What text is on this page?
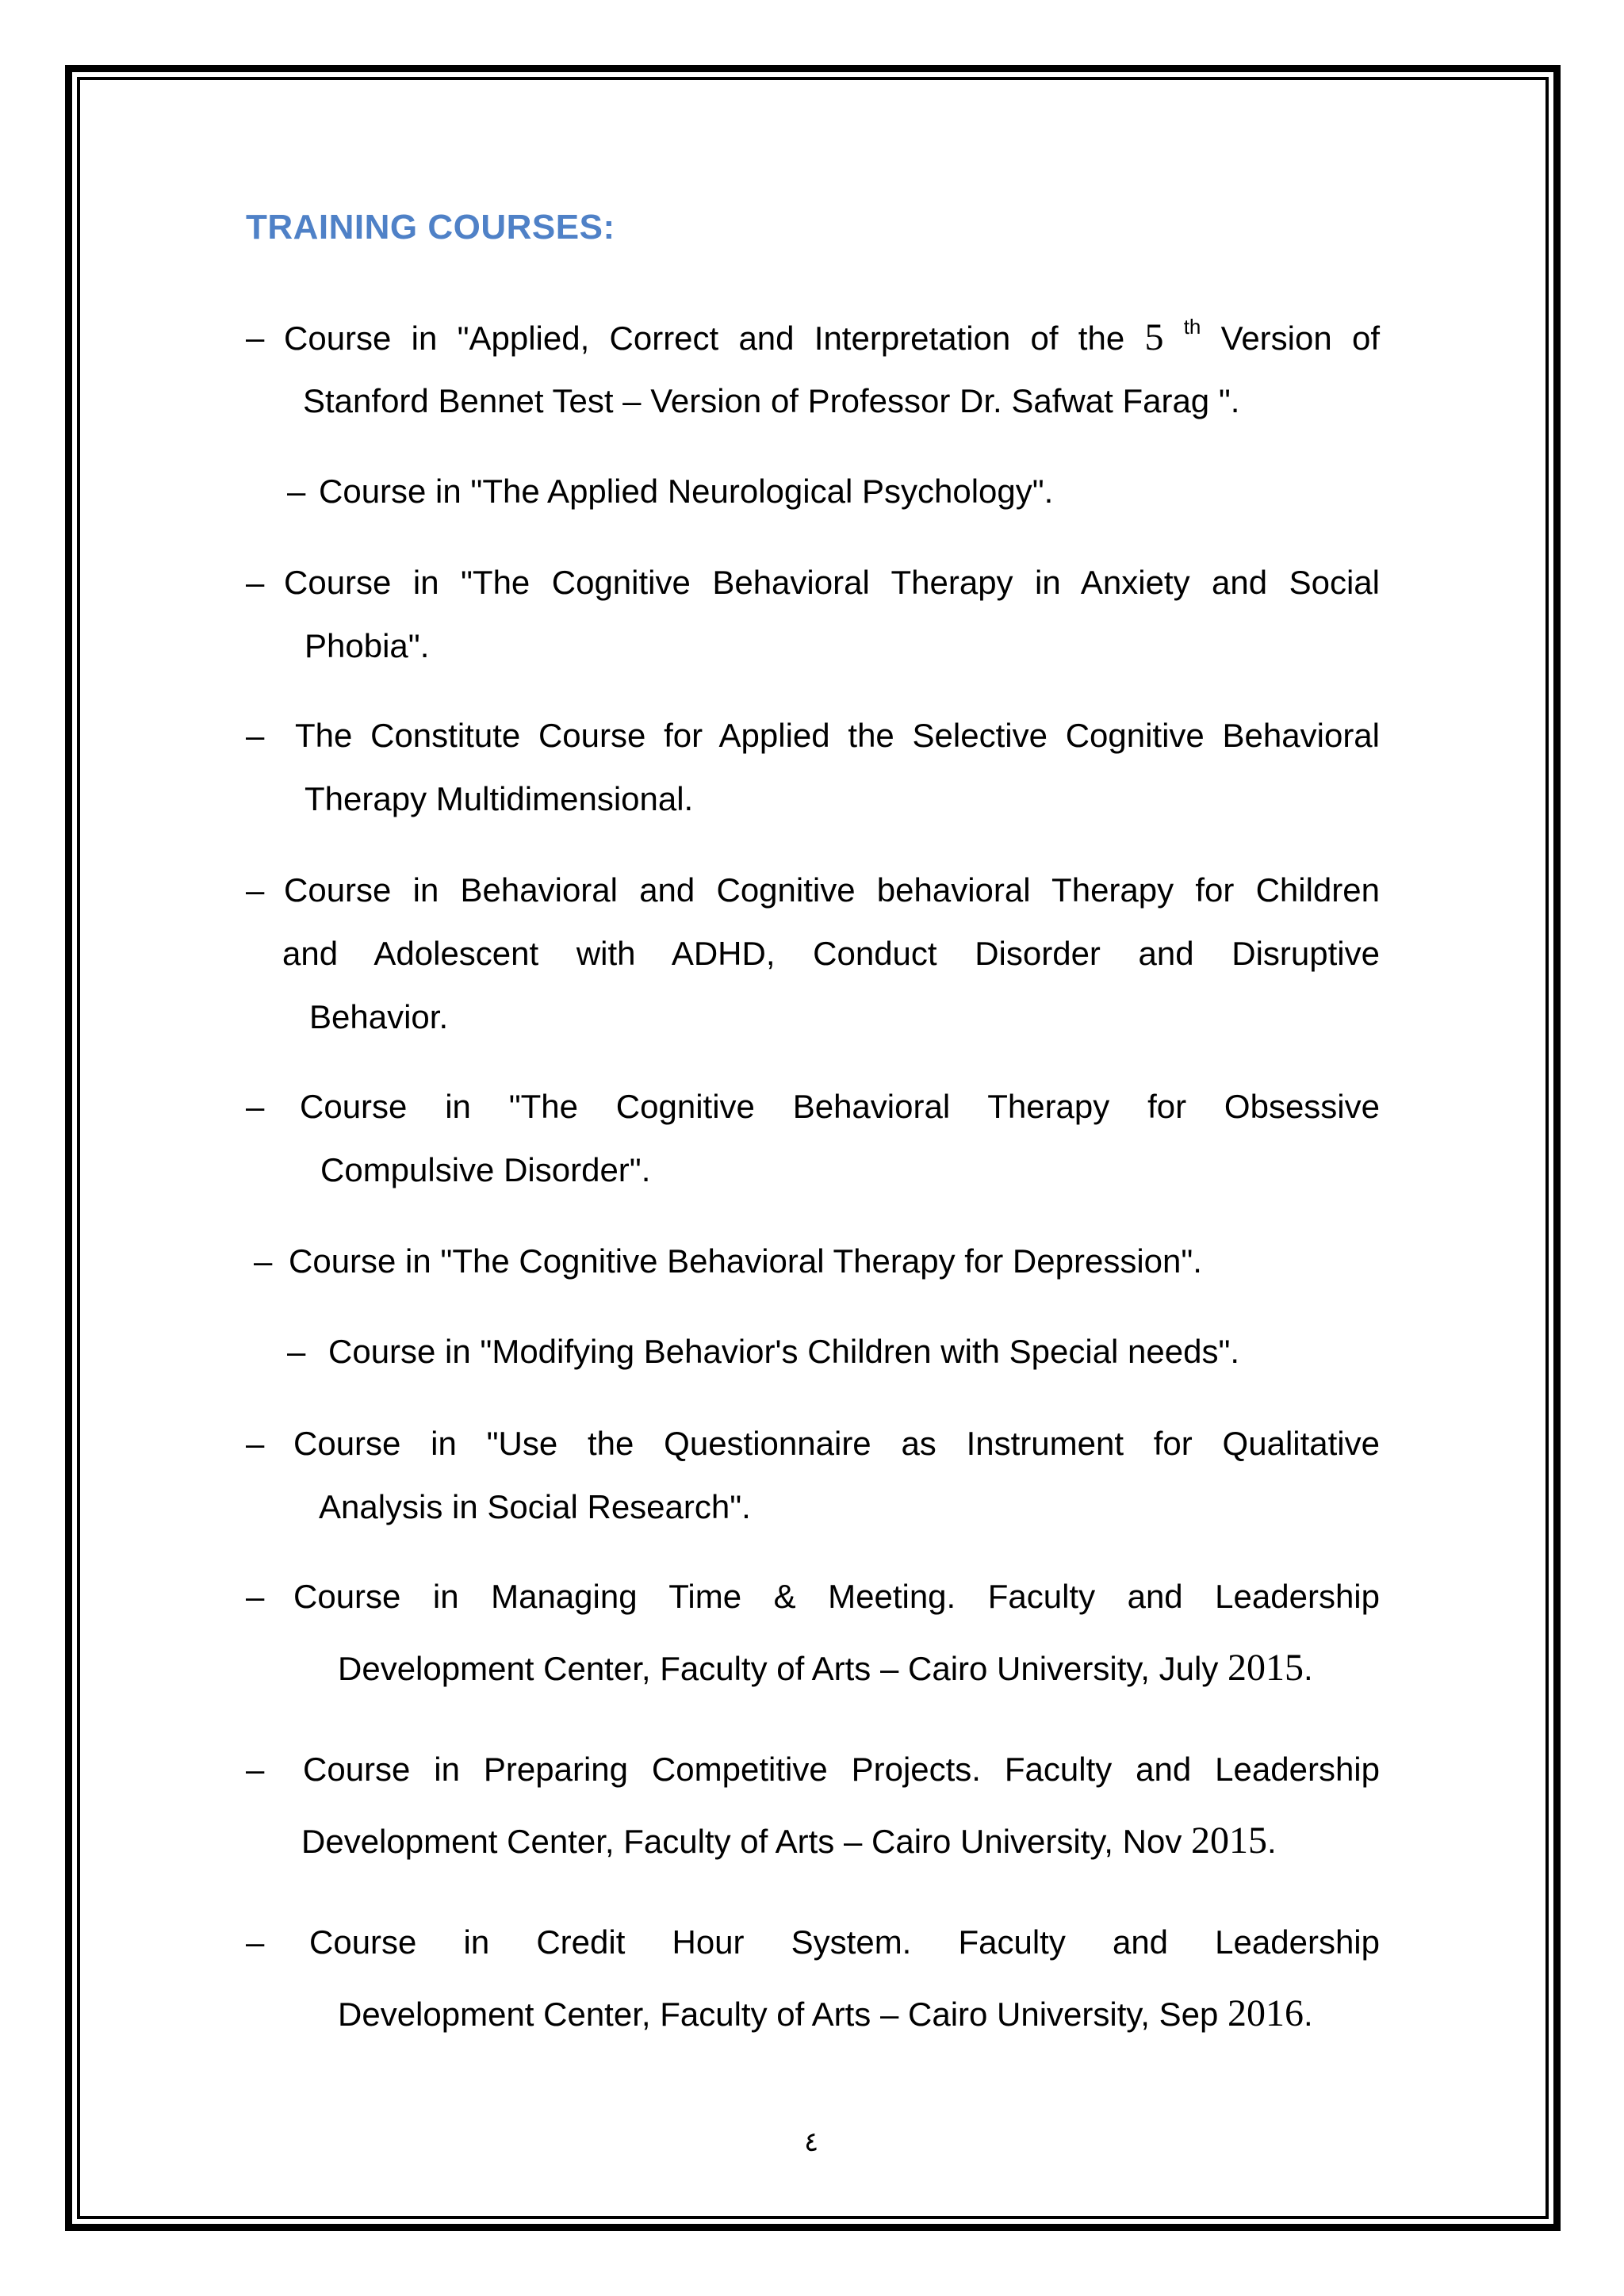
TRAINING COURSES:
– Course in "Applied, Correct and Interpretation of the 5 $^{th}$ Version of
Stanford Bennet Test – Version of Professor Dr. Safwat Farag ".
– Course in "The Applied Neurological Psychology".
– Course in "The Cognitive Behavioral Therapy in Anxiety and Social
Phobia".
– The Constitute Course for Applied the Selective Cognitive Behavioral
Therapy Multidimensional.
– Course in Behavioral and Cognitive behavioral Therapy for Children
and Adolescent with ADHD, Conduct Disorder and Disruptive
Behavior.
– Course in "The Cognitive Behavioral Therapy for Obsessive
Compulsive Disorder".
– Course in "The Cognitive Behavioral Therapy for Depression".
– Course in "Modifying Behavior's Children with Special needs".
– Course in "Use the Questionnaire as Instrument for Qualitative
Analysis in Social Research".
– Course in Managing Time & Meeting. Faculty and Leadership
Development Center, Faculty of Arts – Cairo University, July 2015.
– Course in Preparing Competitive Projects. Faculty and Leadership
Development Center, Faculty of Arts – Cairo University, Nov 2015.
– Course in Credit Hour System. Faculty and Leadership
Development Center, Faculty of Arts – Cairo University, Sep 2016.
٤
